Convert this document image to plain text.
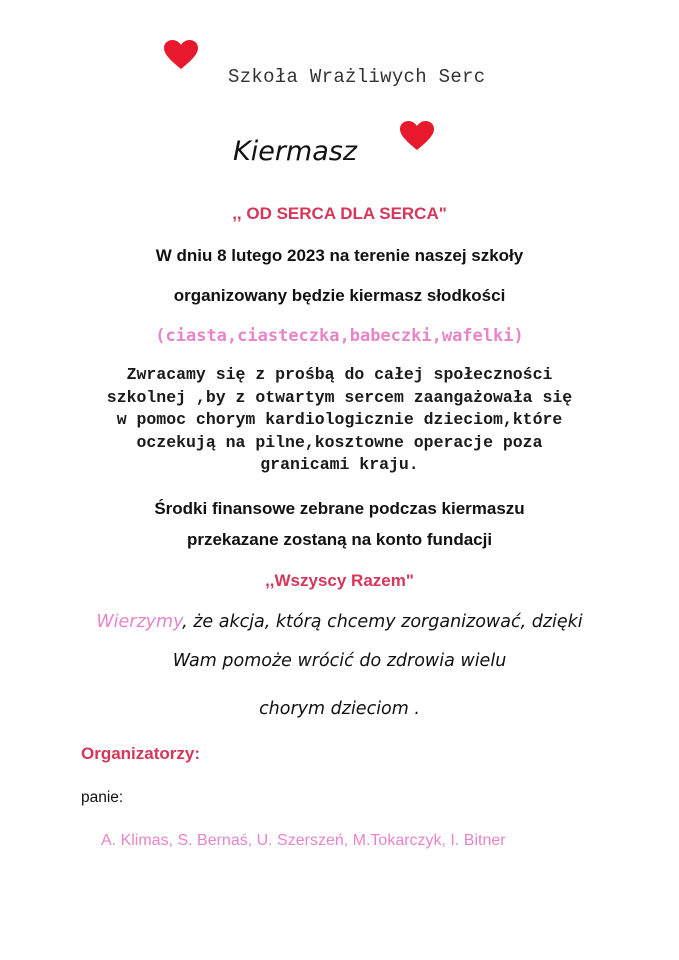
Szkoła Wrażliwych Serc
Kiermasz
,, OD SERCA DLA SERCA"
W dniu 8 lutego 2023 na terenie naszej szkoły
organizowany będzie kiermasz słodkości
(ciasta,ciasteczka,babeczki,wafelki)
Zwracamy się z prośbą do całej społeczności
szkolnej ,by z otwartym sercem zaangażowała się
w pomoc chorym kardiologicznie dzieciom,które
oczekują na pilne,kosztowne operacje poza
granicami kraju.
Środki finansowe zebrane podczas kiermaszu
przekazane zostaną na konto fundacji
,,Wszyscy Razem"
Wierzymy, że akcja, którą chcemy zorganizować, dzięki
Wam pomoże wrócić do zdrowia wielu
chorym dzieciom .
Organizatorzy:
panie:
A. Klimas, S. Bernaś, U. Szerszeń, M.Tokarczyk, I. Bitner
